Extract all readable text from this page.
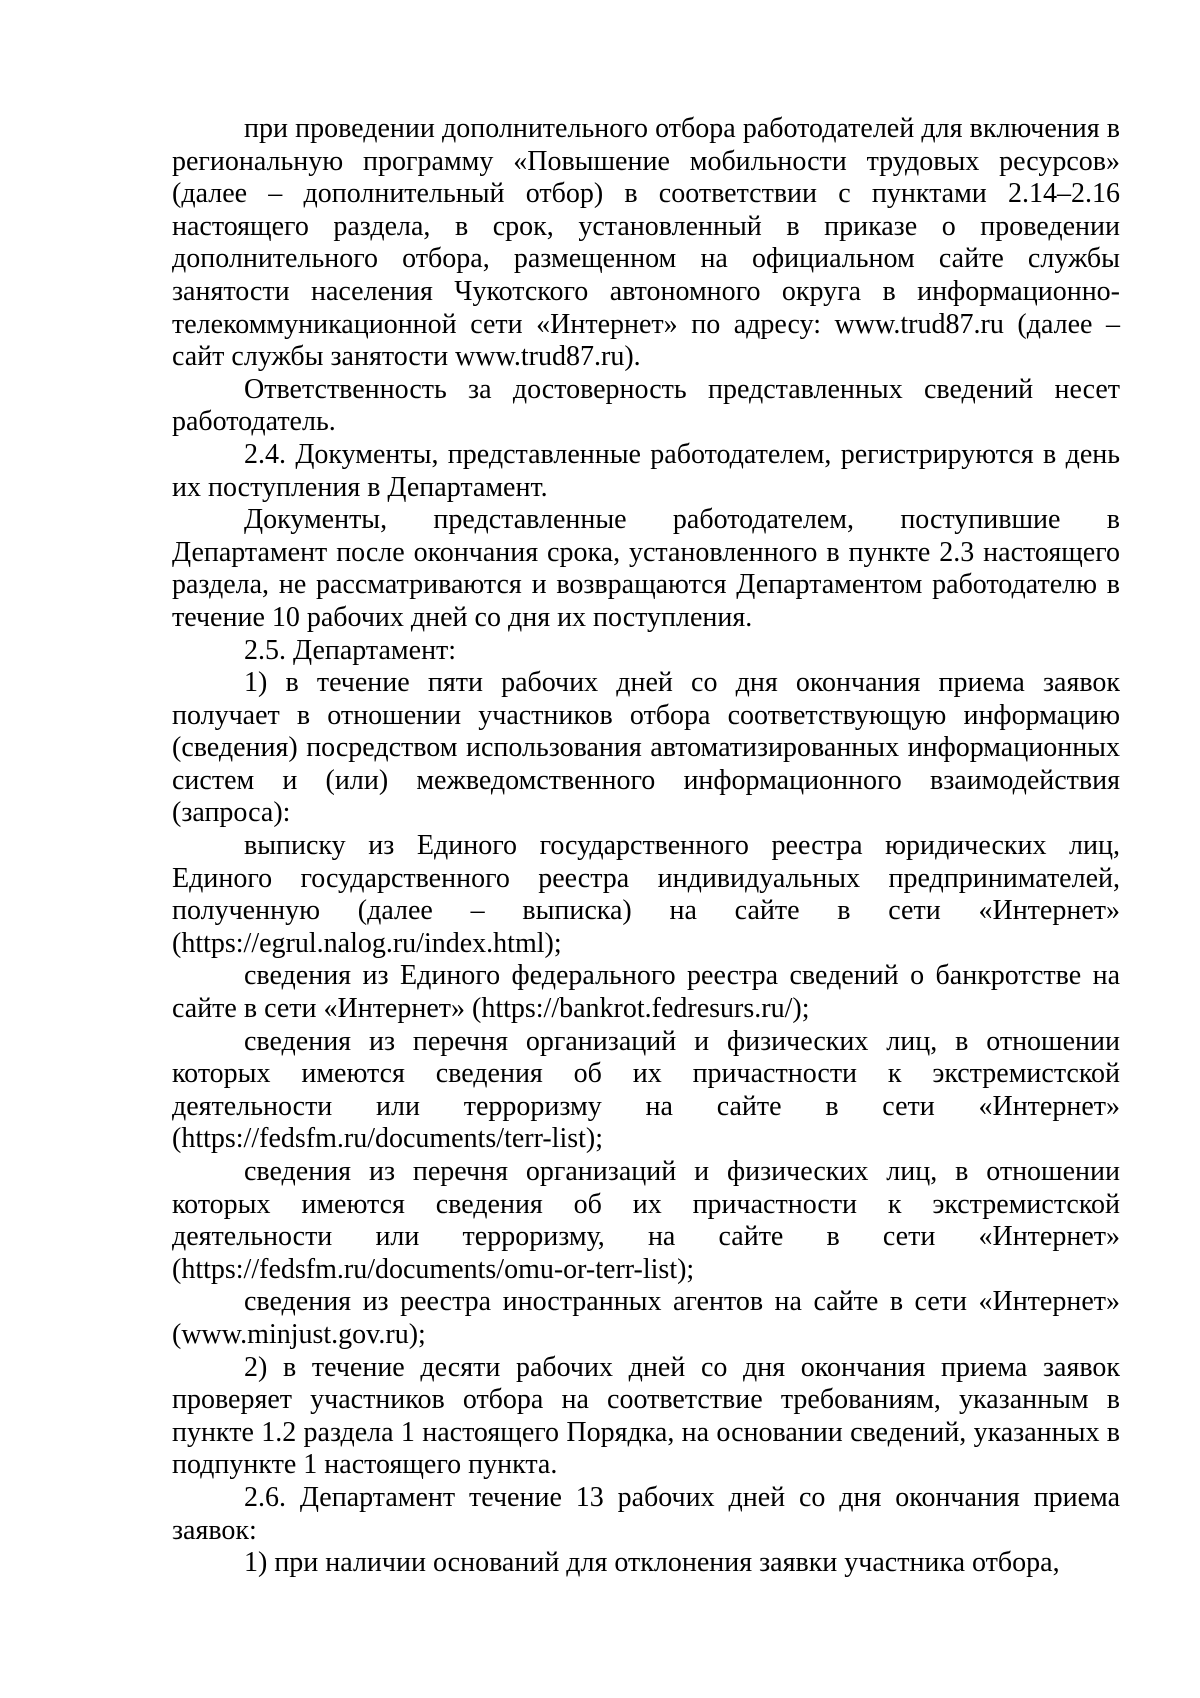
при проведении дополнительного отбора работодателей для включения в региональную программу «Повышение мобильности трудовых ресурсов» (далее – дополнительный отбор) в соответствии с пунктами 2.14–2.16 настоящего раздела, в срок, установленный в приказе о проведении дополнительного отбора, размещенном на официальном сайте службы занятости населения Чукотского автономного округа в информационно-телекоммуникационной сети «Интернет» по адресу: www.trud87.ru (далее – сайт службы занятости www.trud87.ru).

Ответственность за достоверность представленных сведений несет работодатель.

2.4. Документы, представленные работодателем, регистрируются в день их поступления в Департамент.

Документы, представленные работодателем, поступившие в Департамент после окончания срока, установленного в пункте 2.3 настоящего раздела, не рассматриваются и возвращаются Департаментом работодателю в течение 10 рабочих дней со дня их поступления.

2.5. Департамент:

1) в течение пяти рабочих дней со дня окончания приема заявок получает в отношении участников отбора соответствующую информацию (сведения) посредством использования автоматизированных информационных систем и (или) межведомственного информационного взаимодействия (запроса):

выписку из Единого государственного реестра юридических лиц, Единого государственного реестра индивидуальных предпринимателей, полученную (далее – выписка) на сайте в сети «Интернет» (https://egrul.nalog.ru/index.html);

сведения из Единого федерального реестра сведений о банкротстве на сайте в сети «Интернет» (https://bankrot.fedresurs.ru/);

сведения из перечня организаций и физических лиц, в отношении которых имеются сведения об их причастности к экстремистской деятельности или терроризму на сайте в сети «Интернет» (https://fedsfm.ru/documents/terr-list);

сведения из перечня организаций и физических лиц, в отношении которых имеются сведения об их причастности к экстремистской деятельности или терроризму, на сайте в сети «Интернет» (https://fedsfm.ru/documents/omu-or-terr-list);

сведения из реестра иностранных агентов на сайте в сети «Интернет» (www.minjust.gov.ru);

2) в течение десяти рабочих дней со дня окончания приема заявок проверяет участников отбора на соответствие требованиям, указанным в пункте 1.2 раздела 1 настоящего Порядка, на основании сведений, указанных в подпункте 1 настоящего пункта.

2.6. Департамент течение 13 рабочих дней со дня окончания приема заявок:

1) при наличии оснований для отклонения заявки участника отбора,
